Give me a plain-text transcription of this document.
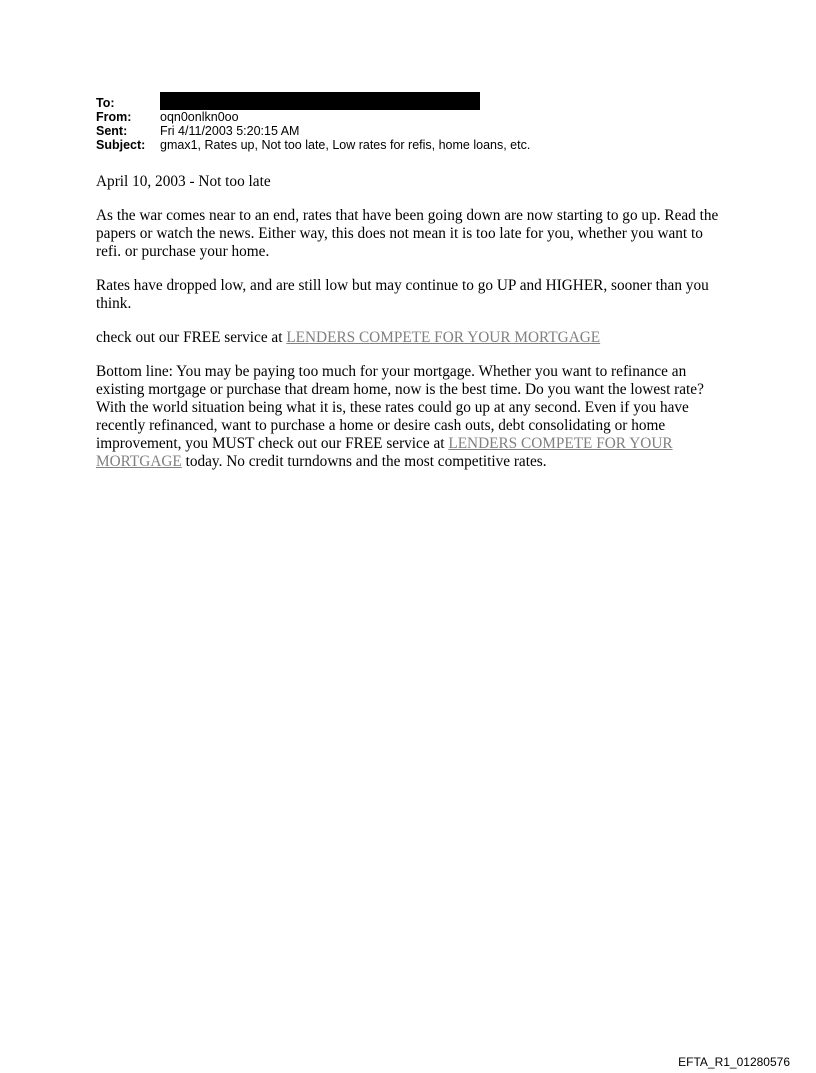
To:
From:	oqn0onlkn0oo
Sent:	Fri 4/11/2003 5:20:15 AM
Subject:	gmax1, Rates up, Not too late, Low rates for refis, home loans, etc.

April 10, 2003 - Not too late

As the war comes near to an end, rates that have been going down are now starting to go up. Read the papers or watch the news. Either way, this does not mean it is too late for you, whether you want to refi. or purchase your home.

Rates have dropped low, and are still low but may continue to go UP and HIGHER, sooner than you think.

check out our FREE service at LENDERS COMPETE FOR YOUR MORTGAGE

Bottom line: You may be paying too much for your mortgage. Whether you want to refinance an existing mortgage or purchase that dream home, now is the best time. Do you want the lowest rate? With the world situation being what it is, these rates could go up at any second. Even if you have recently refinanced, want to purchase a home or desire cash outs, debt consolidating or home improvement, you MUST check out our FREE service at LENDERS COMPETE FOR YOUR MORTGAGE today. No credit turndowns and the most competitive rates.

EFTA_R1_01280576
